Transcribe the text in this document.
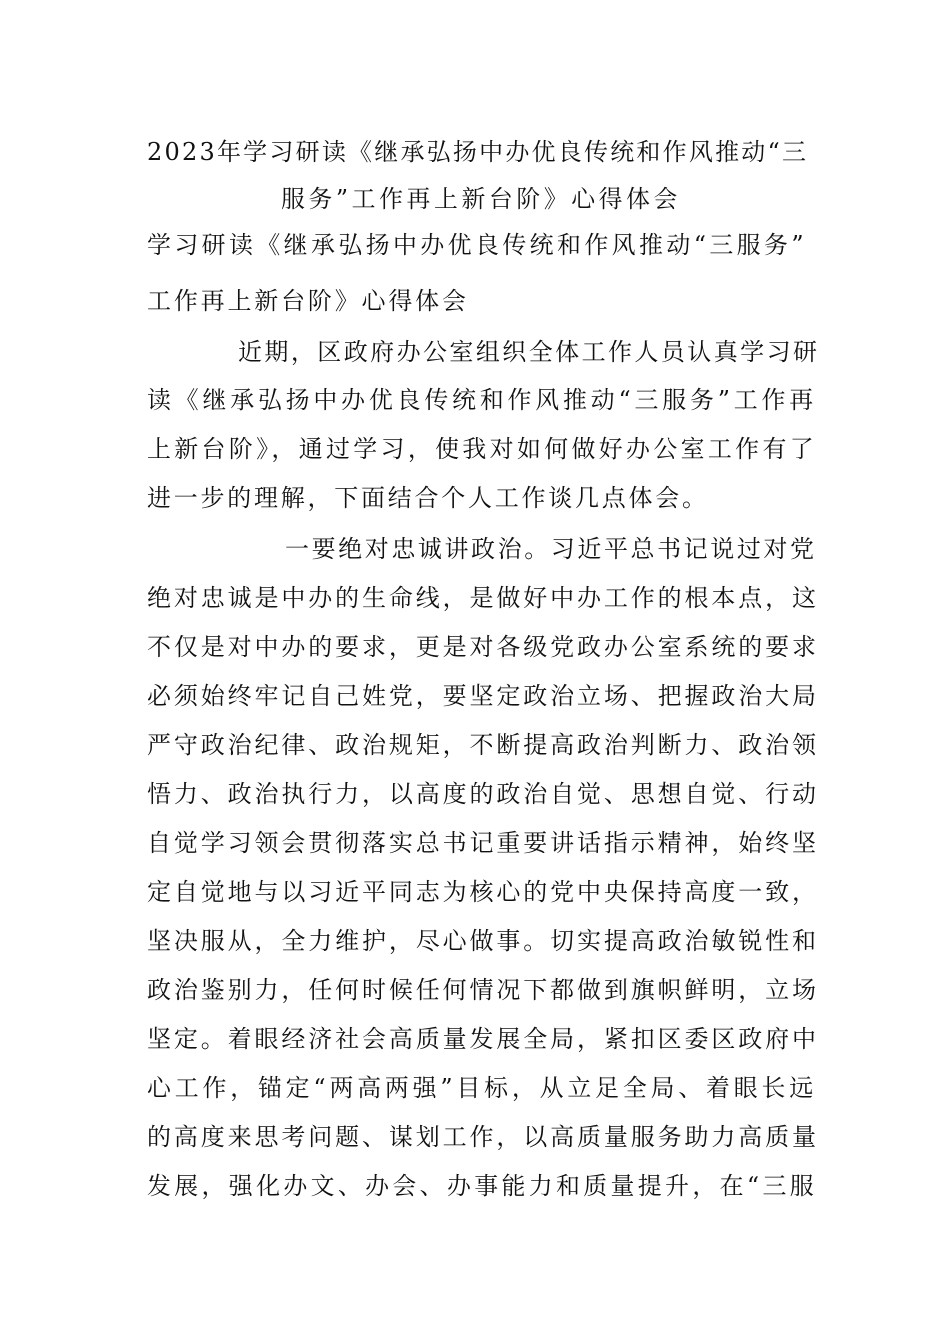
2023年学习研读《继承弘扬中办优良传统和作风推动“三
服务”工作再上新台阶》心得体会
学习研读《继承弘扬中办优良传统和作风推动“三服务”
工作再上新台阶》心得体会
近期，区政府办公室组织全体工作人员认真学习研
读《继承弘扬中办优良传统和作风推动“三服务”工作再
上新台阶》，通过学习，使我对如何做好办公室工作有了
进一步的理解，下面结合个人工作谈几点体会。
一要绝对忠诚讲政治。习近平总书记说过对党
绝对忠诚是中办的生命线，是做好中办工作的根本点，这
不仅是对中办的要求，更是对各级党政办公室系统的要求
必须始终牢记自己姓党，要坚定政治立场、把握政治大局
严守政治纪律、政治规矩，不断提高政治判断力、政治领
悟力、政治执行力，以高度的政治自觉、思想自觉、行动
自觉学习领会贯彻落实总书记重要讲话指示精神，始终坚
定自觉地与以习近平同志为核心的党中央保持高度一致，
坚决服从，全力维护，尽心做事。切实提高政治敏锐性和
政治鉴别力，任何时候任何情况下都做到旗帜鲜明，立场
坚定。着眼经济社会高质量发展全局，紧扣区委区政府中
心工作，锚定“两高两强”目标，从立足全局、着眼长远
的高度来思考问题、谋划工作，以高质量服务助力高质量
发展，强化办文、办会、办事能力和质量提升，在“三服
